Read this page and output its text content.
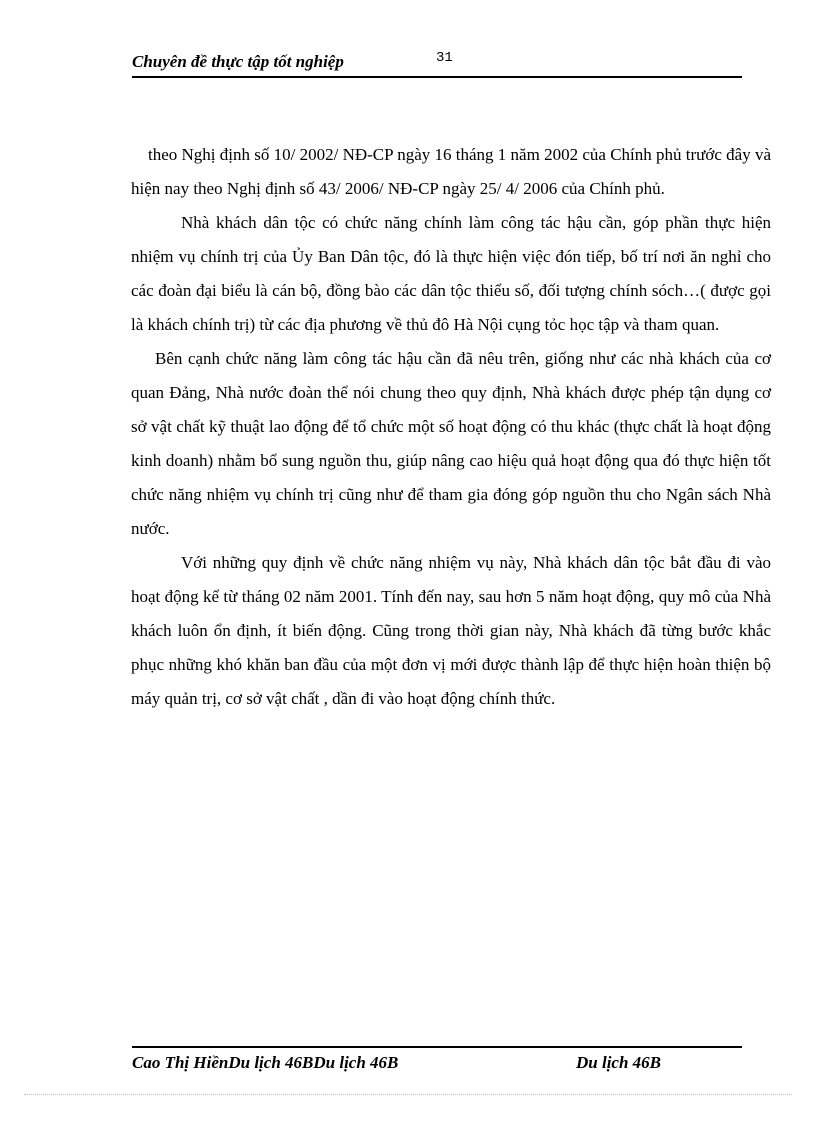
Chuyên đề thực tập tốt nghiệp	31

theo Nghị định số 10/ 2002/ NĐ-CP ngày 16 tháng 1 năm 2002 của Chính phủ trước đây và hiện nay theo Nghị định số 43/ 2006/ NĐ-CP ngày 25/ 4/ 2006 của Chính phủ.

Nhà khách dân tộc có chức năng chính làm công tác hậu cần, góp phần thực hiện nhiệm vụ chính trị của Ủy Ban Dân tộc, đó là thực hiện việc đón tiếp, bố trí nơi ăn nghỉ cho các đoàn đại biểu là cán bộ, đồng bào các dân tộc thiểu số, đối tượng chính sóch…( được gọi là khách chính trị) từ các địa phương về thủ đô Hà Nội cụng tỏc học tập và tham quan.

Bên cạnh chức năng làm công tác hậu cần đã nêu trên, giống như các nhà khách của cơ quan Đảng, Nhà nước đoàn thể nói chung theo quy định, Nhà khách được phép tận dụng cơ sở vật chất kỹ thuật lao động để tổ chức một số hoạt động có thu khác (thực chất là hoạt động kinh doanh) nhằm bổ sung nguồn thu, giúp nâng cao hiệu quả hoạt động qua đó thực hiện tốt chức năng nhiệm vụ chính trị cũng như để tham gia đóng góp nguồn thu cho Ngân sách Nhà nước.

Với những quy định về chức năng nhiệm vụ này, Nhà khách dân tộc bắt đầu đi vào hoạt động kể từ tháng 02 năm 2001. Tính đến nay, sau hơn 5 năm hoạt động, quy mô của Nhà khách luôn ổn định, ít biến động. Cũng trong thời gian này, Nhà khách đã từng bước khắc phục những khó khăn ban đầu của một đơn vị mới được thành lập để thực hiện hoàn thiện bộ máy quản trị, cơ sở vật chất , dần đi vào hoạt động chính thức.

Cao Thị HiềnDu lịch 46BDu lịch 46B	Du lịch 46B
